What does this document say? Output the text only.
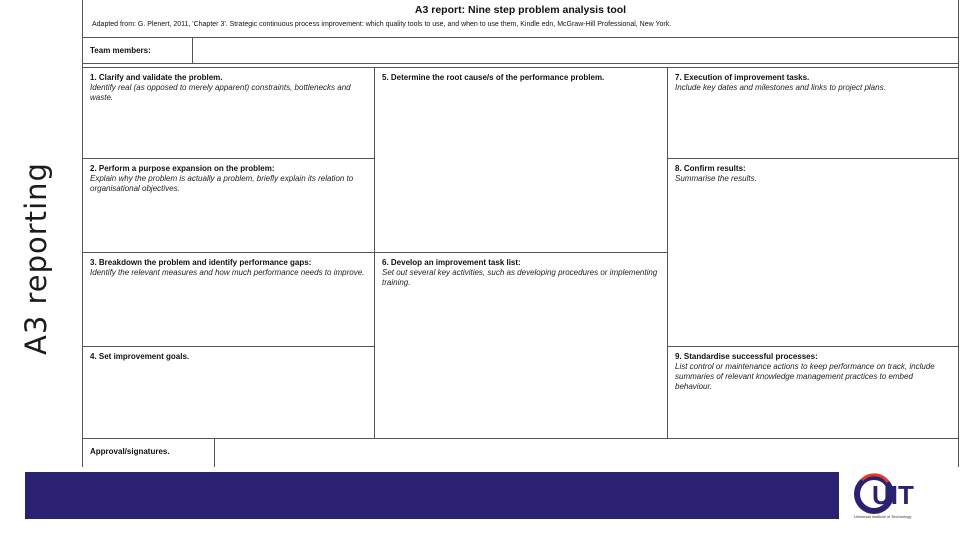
A3 reporting
A3 report: Nine step problem analysis tool
Adapted from: G. Plenert, 2011, 'Chapter 3'. Strategic continuous process improvement: which quality tools to use, and when to use them, Kindle edn, McGraw-Hill Professional, New York.
Team members:
1. Clarify and validate the problem.
Identify real (as opposed to merely apparent) constraints, bottlenecks and waste.
2. Perform a purpose expansion on the problem:
Explain why the problem is actually a problem, briefly explain its relation to organisational objectives.
3. Breakdown the problem and identify performance gaps:
Identify the relevant measures and how much performance needs to improve.
4. Set improvement goals.
5. Determine the root cause/s of the performance problem.
6. Develop an improvement task list:
Set out several key activities, such as developing procedures or implementing training.
7. Execution of improvement tasks.
Include key dates and milestones and links to project plans.
8. Confirm results:
Summarise the results.
9. Standardise successful processes:
List control or maintenance actions to keep performance on track, include summaries of relevant knowledge management practices to embed behaviour.
Approval/signatures.
UIT
Universal Institute of Technology
